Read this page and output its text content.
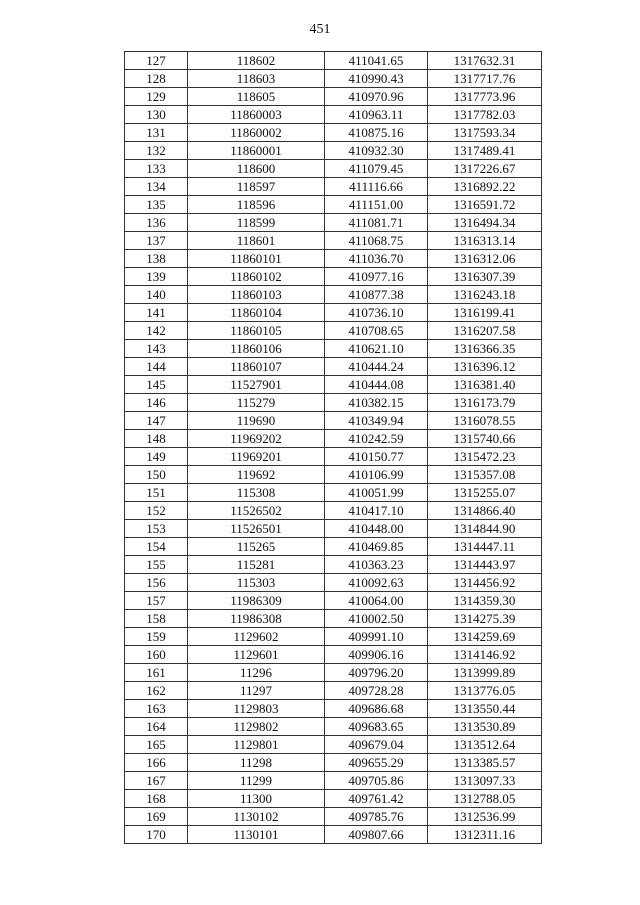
451
127	118602	411041.65	1317632.31
128	118603	410990.43	1317717.76
129	118605	410970.96	1317773.96
130	11860003	410963.11	1317782.03
131	11860002	410875.16	1317593.34
132	11860001	410932.30	1317489.41
133	118600	411079.45	1317226.67
134	118597	411116.66	1316892.22
135	118596	411151.00	1316591.72
136	118599	411081.71	1316494.34
137	118601	411068.75	1316313.14
138	11860101	411036.70	1316312.06
139	11860102	410977.16	1316307.39
140	11860103	410877.38	1316243.18
141	11860104	410736.10	1316199.41
142	11860105	410708.65	1316207.58
143	11860106	410621.10	1316366.35
144	11860107	410444.24	1316396.12
145	11527901	410444.08	1316381.40
146	115279	410382.15	1316173.79
147	119690	410349.94	1316078.55
148	11969202	410242.59	1315740.66
149	11969201	410150.77	1315472.23
150	119692	410106.99	1315357.08
151	115308	410051.99	1315255.07
152	11526502	410417.10	1314866.40
153	11526501	410448.00	1314844.90
154	115265	410469.85	1314447.11
155	115281	410363.23	1314443.97
156	115303	410092.63	1314456.92
157	11986309	410064.00	1314359.30
158	11986308	410002.50	1314275.39
159	1129602	409991.10	1314259.69
160	1129601	409906.16	1314146.92
161	11296	409796.20	1313999.89
162	11297	409728.28	1313776.05
163	1129803	409686.68	1313550.44
164	1129802	409683.65	1313530.89
165	1129801	409679.04	1313512.64
166	11298	409655.29	1313385.57
167	11299	409705.86	1313097.33
168	11300	409761.42	1312788.05
169	1130102	409785.76	1312536.99
170	1130101	409807.66	1312311.16
